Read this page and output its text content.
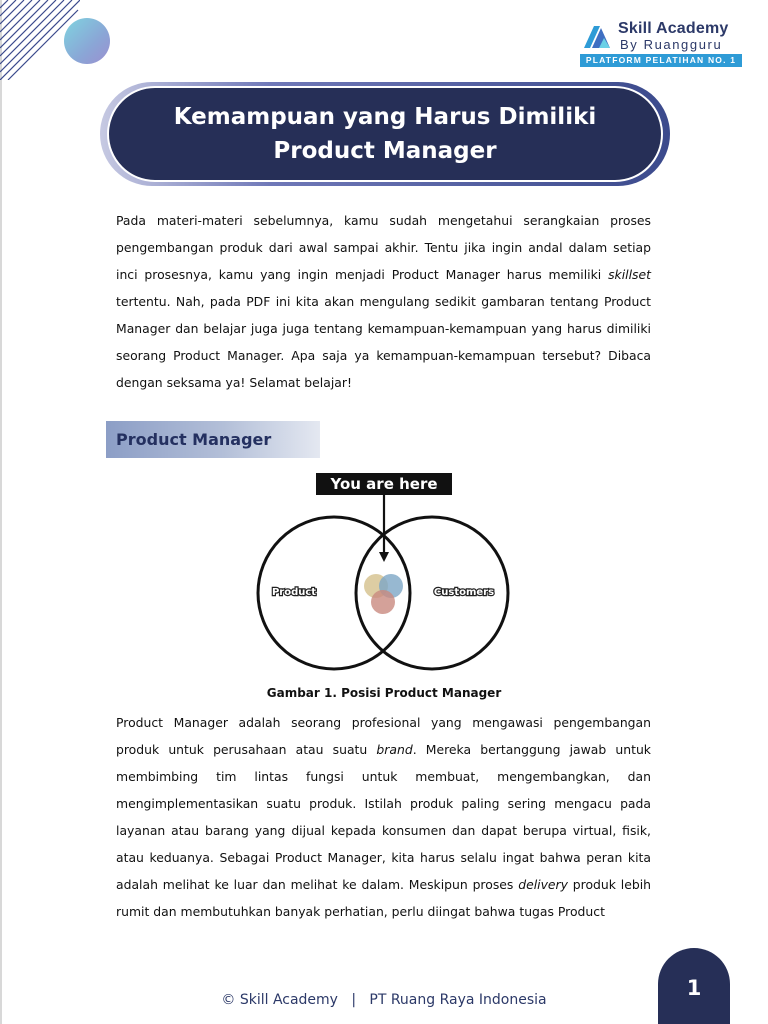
Skill Academy
By Ruangguru
PLATFORM PELATIHAN NO. 1
Kemampuan yang Harus Dimiliki
Product Manager

Pada materi-materi sebelumnya, kamu sudah mengetahui serangkaian proses pengembangan produk dari awal sampai akhir. Tentu jika ingin andal dalam setiap inci prosesnya, kamu yang ingin menjadi Product Manager harus memiliki skillset tertentu. Nah, pada PDF ini kita akan mengulang sedikit gambaran tentang Product Manager dan belajar juga juga tentang kemampuan-kemampuan yang harus dimiliki seorang Product Manager. Apa saja ya kemampuan-kemampuan tersebut? Dibaca dengan seksama ya! Selamat belajar!

Product Manager
You are here
Product	Customers
Gambar 1. Posisi Product Manager

Product Manager adalah seorang profesional yang mengawasi pengembangan produk untuk perusahaan atau suatu brand. Mereka bertanggung jawab untuk membimbing tim lintas fungsi untuk membuat, mengembangkan, dan mengimplementasikan suatu produk. Istilah produk paling sering mengacu pada layanan atau barang yang dijual kepada konsumen dan dapat berupa virtual, fisik, atau keduanya. Sebagai Product Manager, kita harus selalu ingat bahwa peran kita adalah melihat ke luar dan melihat ke dalam. Meskipun proses delivery produk lebih rumit dan membutuhkan banyak perhatian, perlu diingat bahwa tugas Product

1
© Skill Academy   |   PT Ruang Raya Indonesia
